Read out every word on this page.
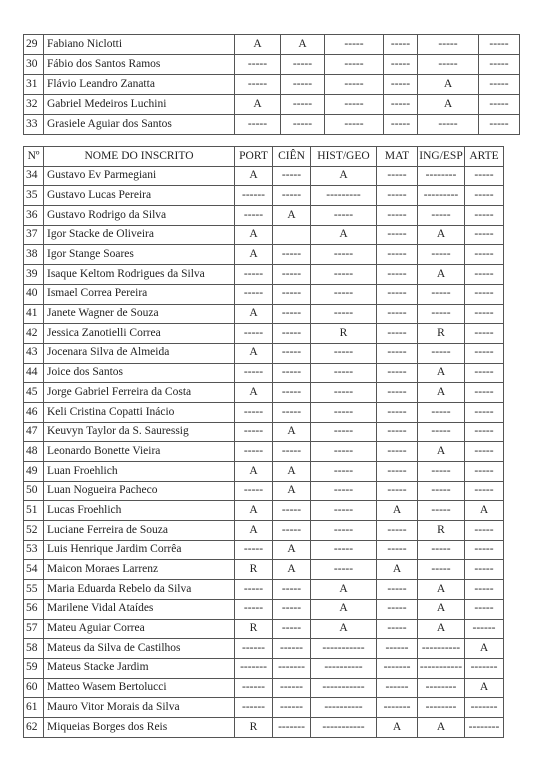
29	Fabiano Niclotti	A	A	-----	-----	-----	-----
30	Fábio dos Santos Ramos	-----	-----	-----	-----	-----	-----
31	Flávio Leandro Zanatta	-----	-----	-----	-----	A	-----
32	Gabriel Medeiros Luchini	A	-----	-----	-----	A	-----
33	Grasiele Aguiar dos Santos	-----	-----	-----	-----	-----	-----
Nº	NOME DO INSCRITO	PORT	CIÊN	HIST/GEO	MAT	ING/ESP	ARTE
34	Gustavo Ev Parmegiani	A	-----	A	-----	--------	-----
35	Gustavo Lucas Pereira	------	-----	---------	-----	---------	-----
36	Gustavo Rodrigo da Silva	-----	A	-----	-----	-----	-----
37	Igor Stacke de Oliveira	A		A	-----	A	-----
38	Igor Stange Soares	A	-----	-----	-----	-----	-----
39	Isaque Keltom Rodrigues da Silva	-----	-----	-----	-----	A	-----
40	Ismael Correa Pereira	-----	-----	-----	-----	-----	-----
41	Janete Wagner de Souza	A	-----	-----	-----	-----	-----
42	Jessica Zanotielli Correa	-----	-----	R	-----	R	-----
43	Jocenara Silva de Almeida	A	-----	-----	-----	-----	-----
44	Joice dos Santos	-----	-----	-----	-----	A	-----
45	Jorge Gabriel Ferreira da Costa	A	-----	-----	-----	A	-----
46	Keli Cristina Copatti Inácio	-----	-----	-----	-----	-----	-----
47	Keuvyn Taylor da S. Sauressig	-----	A	-----	-----	-----	-----
48	Leonardo Bonette Vieira	-----	-----	-----	-----	A	-----
49	Luan Froehlich	A	A	-----	-----	-----	-----
50	Luan Nogueira Pacheco	-----	A	-----	-----	-----	-----
51	Lucas Froehlich	A	-----	-----	A	-----	A
52	Luciane Ferreira de Souza	A	-----	-----	-----	R	-----
53	Luis Henrique Jardim Corrêa	-----	A	-----	-----	-----	-----
54	Maicon Moraes Larrenz	R	A	-----	A	-----	-----
55	Maria Eduarda Rebelo da Silva	-----	-----	A	-----	A	-----
56	Marilene Vidal Ataídes	-----	-----	A	-----	A	-----
57	Mateu Aguiar Correa	R	-----	A	-----	A	------
58	Mateus da Silva de Castilhos	------	------	-----------	------	----------	A
59	Mateus Stacke Jardim	-------	-------	----------	-------	-----------	-------
60	Matteo Wasem Bertolucci	------	------	-----------	------	--------	A
61	Mauro Vitor Morais da Silva	------	------	----------	-------	--------	-------
62	Miqueias Borges dos Reis	R	-------	-----------	A	A	--------
